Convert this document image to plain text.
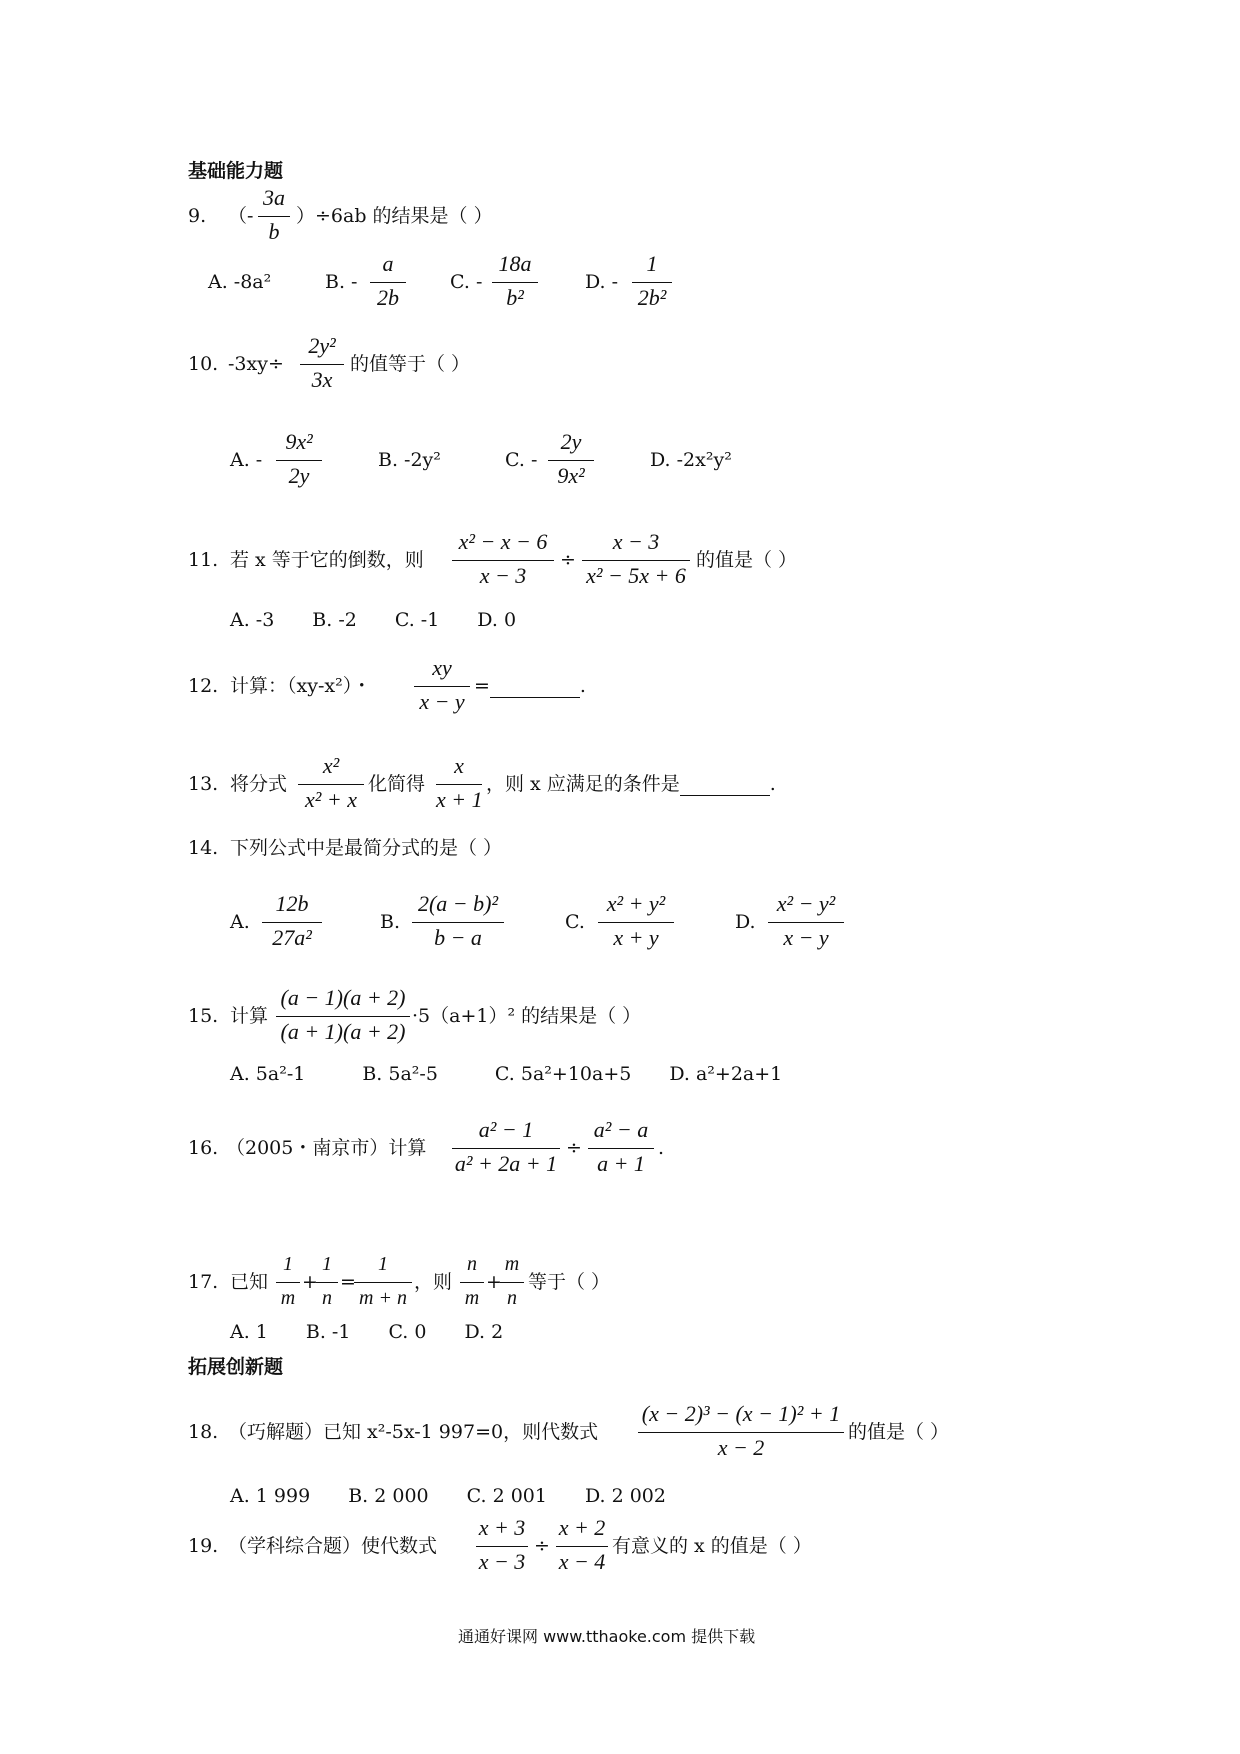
基础能力题
9. （-
3a
b
）÷6ab 的结果是（ ）
A. -8a²	B. -
a
2b
C. -
18a
b²
D. -
1
2b²
10. -3xy÷
2y²
3x
的值等于（ ）
A. -
9x²
2y
B. -2y²	C. -
2y
9x²
D. -2x²y²
11. 若 x 等于它的倒数，则
x² − x − 6
x − 3
÷
x − 3
x² − 5x + 6
的值是（ ）
A. -3　　B. -2　　C. -1　　D. 0
12. 计算：（xy-x²）・
xy
x − y
=	.
13. 将分式
x²
x² + x
化简得
x
x + 1
，则 x 应满足的条件是	.
14. 下列公式中是最简分式的是（ ）
A.
12b
27a²
B.
2(a − b)²
b − a
C.
x² + y²
x + y
D.
x² − y²
x − y
15. 计算
(a − 1)(a + 2)
(a + 1)(a + 2)
·5（a+1）² 的结果是（ ）
A. 5a²-1　　　B. 5a²-5　　　C. 5a²+10a+5　　D. a²+2a+1
16. （2005・南京市）计算
a² − 1
a² + 2a + 1
÷
a² − a
a + 1
.
17. 已知
1
m
+
1
n
=
1
m + n
，则
n
m
+
m
n
等于（ ）
A. 1　　B. -1　　C. 0　　D. 2
拓展创新题
18. （巧解题）已知 x²-5x-1 997=0，则代数式
(x − 2)³ − (x − 1)² + 1
x − 2
的值是（ ）
A. 1 999　　B. 2 000　　C. 2 001　　D. 2 002
19. （学科综合题）使代数式
x + 3
x − 3
÷
x + 2
x − 4
有意义的 x 的值是（ ）
通通好课网 www.tthaoke.com 提供下载
